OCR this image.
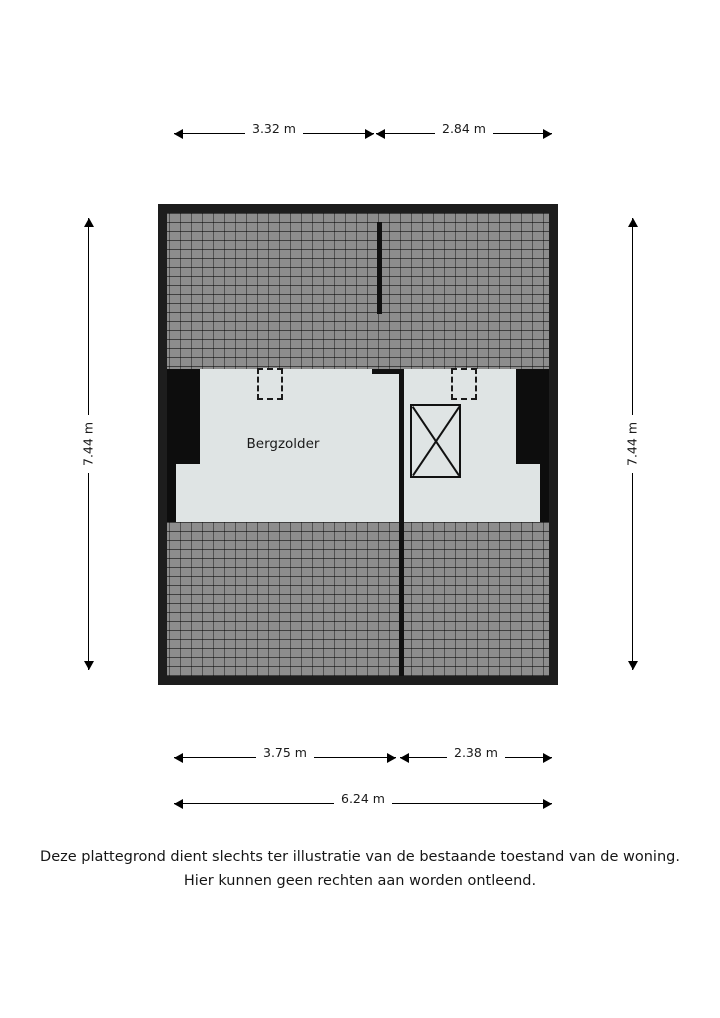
3.32 m	2.84 m
7.44 m	7.44 m
Bergzolder
3.75 m	2.38 m
6.24 m
Deze plattegrond dient slechts ter illustratie van de bestaande toestand van de woning.
Hier kunnen geen rechten aan worden ontleend.
